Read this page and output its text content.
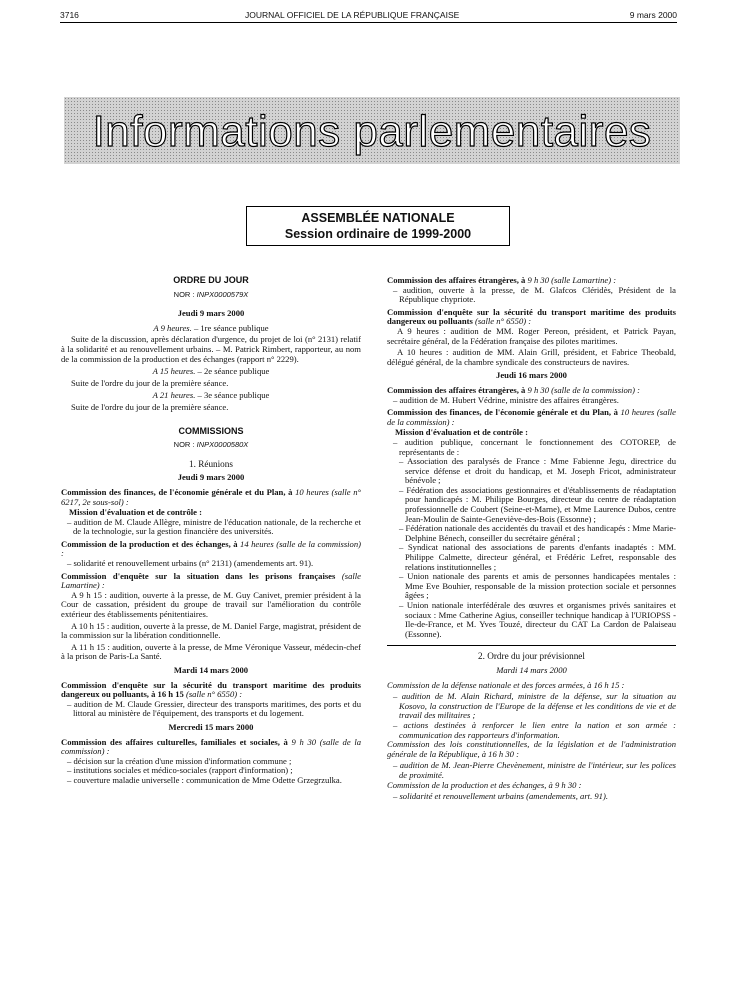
3716	JOURNAL OFFICIEL DE LA RÉPUBLIQUE FRANÇAISE	9 mars 2000
Informations parlementaires
ASSEMBLÉE NATIONALE
Session ordinaire de 1999-2000
ORDRE DU JOUR
NOR : INPX0000579X
Jeudi 9 mars 2000
A 9 heures. – 1re séance publique
Suite de la discussion, après déclaration d'urgence, du projet de loi (n° 2131) relatif à la solidarité et au renouvellement urbains. – M. Patrick Rimbert, rapporteur, au nom de la commission de la production et des échanges (rapport n° 2229).
A 15 heures. – 2e séance publique
Suite de l'ordre du jour de la première séance.
A 21 heures. – 3e séance publique
Suite de l'ordre du jour de la première séance.
COMMISSIONS
NOR : INPX0000580X
1. Réunions
Jeudi 9 mars 2000
Commission des finances, de l'économie générale et du Plan, à 10 heures (salle n° 6217, 2e sous-sol) :
Mission d'évaluation et de contrôle :
– audition de M. Claude Allègre, ministre de l'éducation nationale, de la recherche et de la technologie, sur la gestion financière des universités.
Commission de la production et des échanges, à 14 heures (salle de la commission) :
– solidarité et renouvellement urbains (n° 2131) (amendements art. 91).
Commission d'enquête sur la situation dans les prisons françaises (salle Lamartine) :
A 9 h 15 : audition, ouverte à la presse, de M. Guy Canivet, premier président à la Cour de cassation, président du groupe de travail sur l'amélioration du contrôle extérieur des établissements pénitentiaires.
A 10 h 15 : audition, ouverte à la presse, de M. Daniel Farge, magistrat, président de la commission sur la libération conditionnelle.
A 11 h 15 : audition, ouverte à la presse, de Mme Véronique Vasseur, médecin-chef à la prison de Paris-La Santé.
Mardi 14 mars 2000
Commission d'enquête sur la sécurité du transport maritime des produits dangereux ou polluants, à 16 h 15 (salle n° 6550) :
– audition de M. Claude Gressier, directeur des transports maritimes, des ports et du littoral au ministère de l'équipement, des transports et du logement.
Mercredi 15 mars 2000
Commission des affaires culturelles, familiales et sociales, à 9 h 30 (salle de la commission) :
– décision sur la création d'une mission d'information commune ;
– institutions sociales et médico-sociales (rapport d'information) ;
– couverture maladie universelle : communication de Mme Odette Grzegrzulka.
Commission des affaires étrangères, à 9 h 30 (salle Lamartine) :
– audition, ouverte à la presse, de M. Glafcos Cléridès, Président de la République chypriote.
Commission d'enquête sur la sécurité du transport maritime des produits dangereux ou polluants (salle n° 6550) :
A 9 heures : audition de MM. Roger Pereon, président, et Patrick Payan, secrétaire général, de la Fédération française des pilotes maritimes.
A 10 heures : audition de MM. Alain Grill, président, et Fabrice Theobald, délégué général, de la chambre syndicale des constructeurs de navires.
Jeudi 16 mars 2000
Commission des affaires étrangères, à 9 h 30 (salle de la commission) :
– audition de M. Hubert Védrine, ministre des affaires étrangères.
Commission des finances, de l'économie générale et du Plan, à 10 heures (salle de la commission) :
Mission d'évaluation et de contrôle :
– audition publique, concernant le fonctionnement des COTOREP, de représentants de :
– Association des paralysés de France : Mme Fabienne Jegu, directrice du service défense et droit du handicap, et M. Joseph Fricot, administrateur bénévole ;
– Fédération des associations gestionnaires et d'établissements de réadaptation pour handicapés : M. Philippe Bourges, directeur du centre de réadaptation professionnelle de Coubert (Seine-et-Marne), et Mme Laurence Dubos, centre Jean-Moulin de Sainte-Geneviève-des-Bois (Essonne) ;
– Fédération nationale des accidentés du travail et des handicapés : Mme Marie-Delphine Bénech, conseiller du secrétaire général ;
– Syndicat national des associations de parents d'enfants inadaptés : MM. Philippe Calmette, directeur général, et Frédéric Lefret, responsable des relations institutionnelles ;
– Union nationale des parents et amis de personnes handicapées mentales : Mme Eve Bouhier, responsable de la mission protection sociale et personnes âgées ;
– Union nationale interfédérale des œuvres et organismes privés sanitaires et sociaux : Mme Catherine Agius, conseiller technique handicap à l'URIOPSS - Ile-de-France, et M. Yves Touzé, directeur du CAT La Cardon de Palaiseau (Essonne).
2. Ordre du jour prévisionnel
Mardi 14 mars 2000
Commission de la défense nationale et des forces armées, à 16 h 15 :
– audition de M. Alain Richard, ministre de la défense, sur la situation au Kosovo, la construction de l'Europe de la défense et les conditions de vie et de travail des militaires ;
– actions destinées à renforcer le lien entre la nation et son armée : communication des rapporteurs d'information.
Commission des lois constitutionnelles, de la législation et de l'administration générale de la République, à 16 h 30 :
– audition de M. Jean-Pierre Chevènement, ministre de l'intérieur, sur les polices de proximité.
Commission de la production et des échanges, à 9 h 30 :
– solidarité et renouvellement urbains (amendements, art. 91).
